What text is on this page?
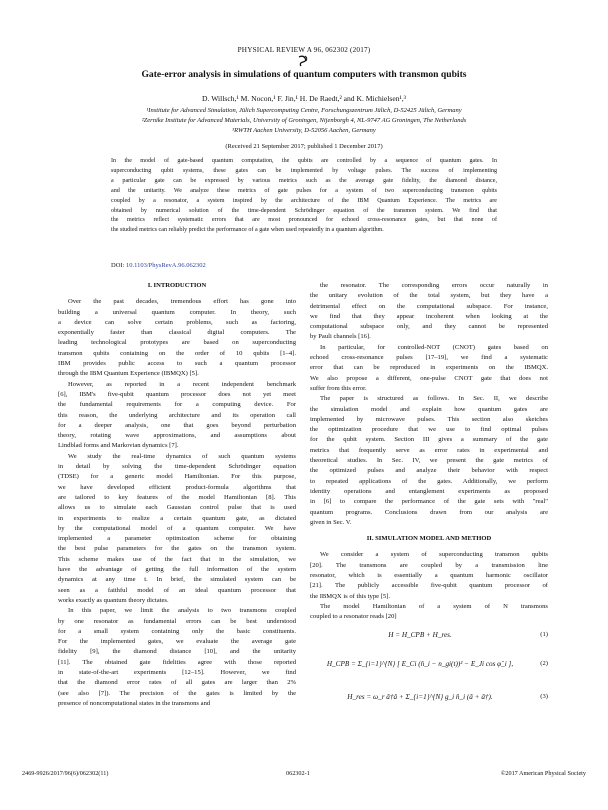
PHYSICAL REVIEW A 96, 062302 (2017)
Gate-error analysis in simulations of quantum computers with transmon qubits
D. Willsch,¹ M. Nocon,¹ F. Jin,¹ H. De Raedt,² and K. Michielsen¹,³
¹Institute for Advanced Simulation, Jülich Supercomputing Centre, Forschungszentrum Jülich, D-52425 Jülich, Germany
²Zernike Institute for Advanced Materials, University of Groningen, Nijenborgh 4, NL-9747 AG Groningen, The Netherlands
³RWTH Aachen University, D-52056 Aachen, Germany
(Received 21 September 2017; published 1 December 2017)
In the model of gate-based quantum computation, the qubits are controlled by a sequence of quantum gates. In
superconducting qubit systems, these gates can be implemented by voltage pulses. The success of implementing
a particular gate can be expressed by various metrics such as the average gate fidelity, the diamond distance,
and the unitarity. We analyze these metrics of gate pulses for a system of two superconducting transmon qubits
coupled by a resonator, a system inspired by the architecture of the IBM Quantum Experience. The metrics are
obtained by numerical solution of the time-dependent Schrödinger equation of the transmon system. We find that
the metrics reflect systematic errors that are most pronounced for echoed cross-resonance gates, but that none of
the studied metrics can reliably predict the performance of a gate when used repeatedly in a quantum algorithm.
DOI: 10.1103/PhysRevA.96.062302
I. INTRODUCTION

Over the past decades, tremendous effort has gone into
building a universal quantum computer. In theory, such
a device can solve certain problems, such as factoring,
exponentially faster than classical digital computers. The
leading technological prototypes are based on superconducting
transmon qubits containing on the order of 10 qubits [1–4].
IBM provides public access to such a quantum processor
through the IBM Quantum Experience (IBMQX) [5].

However, as reported in a recent independent benchmark
[6], IBM's five-qubit quantum processor does not yet meet
the fundamental requirements for a computing device. For
this reason, the underlying architecture and its operation call
for a deeper analysis, one that goes beyond perturbation
theory, rotating wave approximations, and assumptions about
Lindblad forms and Markovian dynamics [7].

We study the real-time dynamics of such quantum systems
in detail by solving the time-dependent Schrödinger equation
(TDSE) for a generic model Hamiltonian. For this purpose,
we have developed efficient product-formula algorithms that
are tailored to key features of the model Hamiltonian [8]. This
allows us to simulate each Gaussian control pulse that is used
in experiments to realize a certain quantum gate, as dictated
by the computational model of a quantum computer. We have
implemented a parameter optimization scheme for obtaining
the best pulse parameters for the gates on the transmon system.
This scheme makes use of the fact that in the simulation, we
have the advantage of getting the full information of the system
dynamics at any time t. In brief, the simulated system can be
seen as a faithful model of an ideal quantum processor that
works exactly as quantum theory dictates.

In this paper, we limit the analysis to two transmons coupled
by one resonator as fundamental errors can be best understood
for a small system containing only the basic constituents.
For the implemented gates, we evaluate the average gate
fidelity [9], the diamond distance [10], and the unitarity
[11]. The obtained gate fidelities agree with those reported
in state-of-the-art experiments [12–15]. However, we find
that the diamond error rates of all gates are larger than 2%
(see also [7]). The precision of the gates is limited by the
presence of noncomputational states in the transmons and

the resonator. The corresponding errors occur naturally in
the unitary evolution of the total system, but they have a
detrimental effect on the computational subspace. For instance,
we find that they appear incoherent when looking at the
computational subspace only, and they cannot be represented
by Pauli channels [16].

In particular, for controlled-NOT (CNOT) gates based on
echoed cross-resonance pulses [17–19], we find a systematic
error that can be reproduced in experiments on the IBMQX.
We also propose a different, one-pulse CNOT gate that does not
suffer from this error.

The paper is structured as follows. In Sec. II, we describe
the simulation model and explain how quantum gates are
implemented by microwave pulses. This section also sketches
the optimization procedure that we use to find optimal pulses
for the qubit system. Section III gives a summary of the gate
metrics that frequently serve as error rates in experimental and
theoretical studies. In Sec. IV, we present the gate metrics of
the optimized pulses and analyze their behavior with respect
to repeated applications of the gates. Additionally, we perform
identity operations and entanglement experiments as proposed
in [6] to compare the performance of the gate sets with "real"
quantum programs. Conclusions drawn from our analysis are
given in Sec. V.

II. SIMULATION MODEL AND METHOD

We consider a system of superconducting transmon qubits
[20]. The transmons are coupled by a transmission line
resonator, which is essentially a quantum harmonic oscillator
[21]. The publicly accessible five-qubit quantum processor of
the IBMQX is of this type [5].

The model Hamiltonian of a system of N transmons
coupled to a resonator reads [20]

H = H_CPB + H_res.	(1)
H_CPB = Σ_{i=1}^{N} [ E_Ci (n̂_i − n_gi(t))² − E_Ji cos φ̂_i ],	(2)
H_res = ω_r â†â + Σ_{i=1}^{N} g_i n̂_i (â + â†).	(3)
2469-9926/2017/96(6)/062302(11)	062302-1	©2017 American Physical Society
